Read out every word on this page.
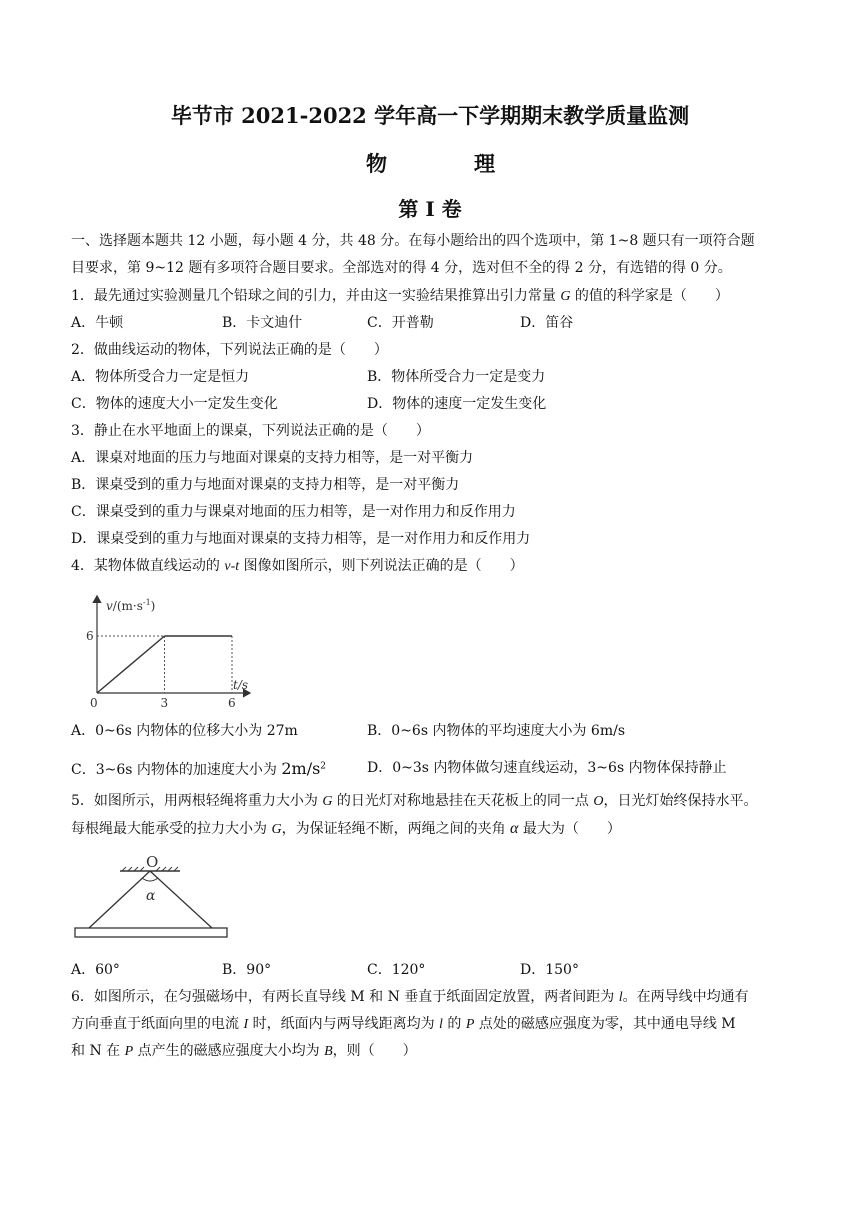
毕节市 2021-2022 学年高一下学期期末教学质量监测
物	理
第 I 卷
一、选择题本题共 12 小题，每小题 4 分，共 48 分。在每小题给出的四个选项中，第 1~8 题只有一项符合题
目要求，第 9~12 题有多项符合题目要求。全部选对的得 4 分，选对但不全的得 2 分，有选错的得 0 分。
1．最先通过实验测量几个铅球之间的引力，并由这一实验结果推算出引力常量 G 的值的科学家是（　　）
A．牛顿	B．卡文迪什	C．开普勒	D．笛谷
2．做曲线运动的物体，下列说法正确的是（　　）
A．物体所受合力一定是恒力	B．物体所受合力一定是变力
C．物体的速度大小一定发生变化	D．物体的速度一定发生变化
3．静止在水平地面上的课桌，下列说法正确的是（　　）
A．课桌对地面的压力与地面对课桌的支持力相等，是一对平衡力
B．课桌受到的重力与地面对课桌的支持力相等，是一对平衡力
C．课桌受到的重力与课桌对地面的压力相等，是一对作用力和反作用力
D．课桌受到的重力与地面对课桌的支持力相等，是一对作用力和反作用力
4．某物体做直线运动的 v-t 图像如图所示，则下列说法正确的是（　　）
$v/(m\cdot s^{-1})$
t/s
0	3	6
6
A．0~6s 内物体的位移大小为 27m	B．0~6s 内物体的平均速度大小为 6m/s
C．3~6s 内物体的加速度大小为 $2m/s^2$	D．0~3s 内物体做匀速直线运动，3~6s 内物体保持静止
5．如图所示，用两根轻绳将重力大小为 G 的日光灯对称地悬挂在天花板上的同一点 O，日光灯始终保持水平。
每根绳最大能承受的拉力大小为 G，为保证轻绳不断，两绳之间的夹角 α 最大为（　　）
O
α
A．60°	B．90°	C．120°	D．150°
6．如图所示，在匀强磁场中，有两长直导线 M 和 N 垂直于纸面固定放置，两者间距为 l。在两导线中均通有
方向垂直于纸面向里的电流 I 时，纸面内与两导线距离均为 l 的 P 点处的磁感应强度为零，其中通电导线 M
和 N 在 P 点产生的磁感应强度大小均为 B，则（　　）
